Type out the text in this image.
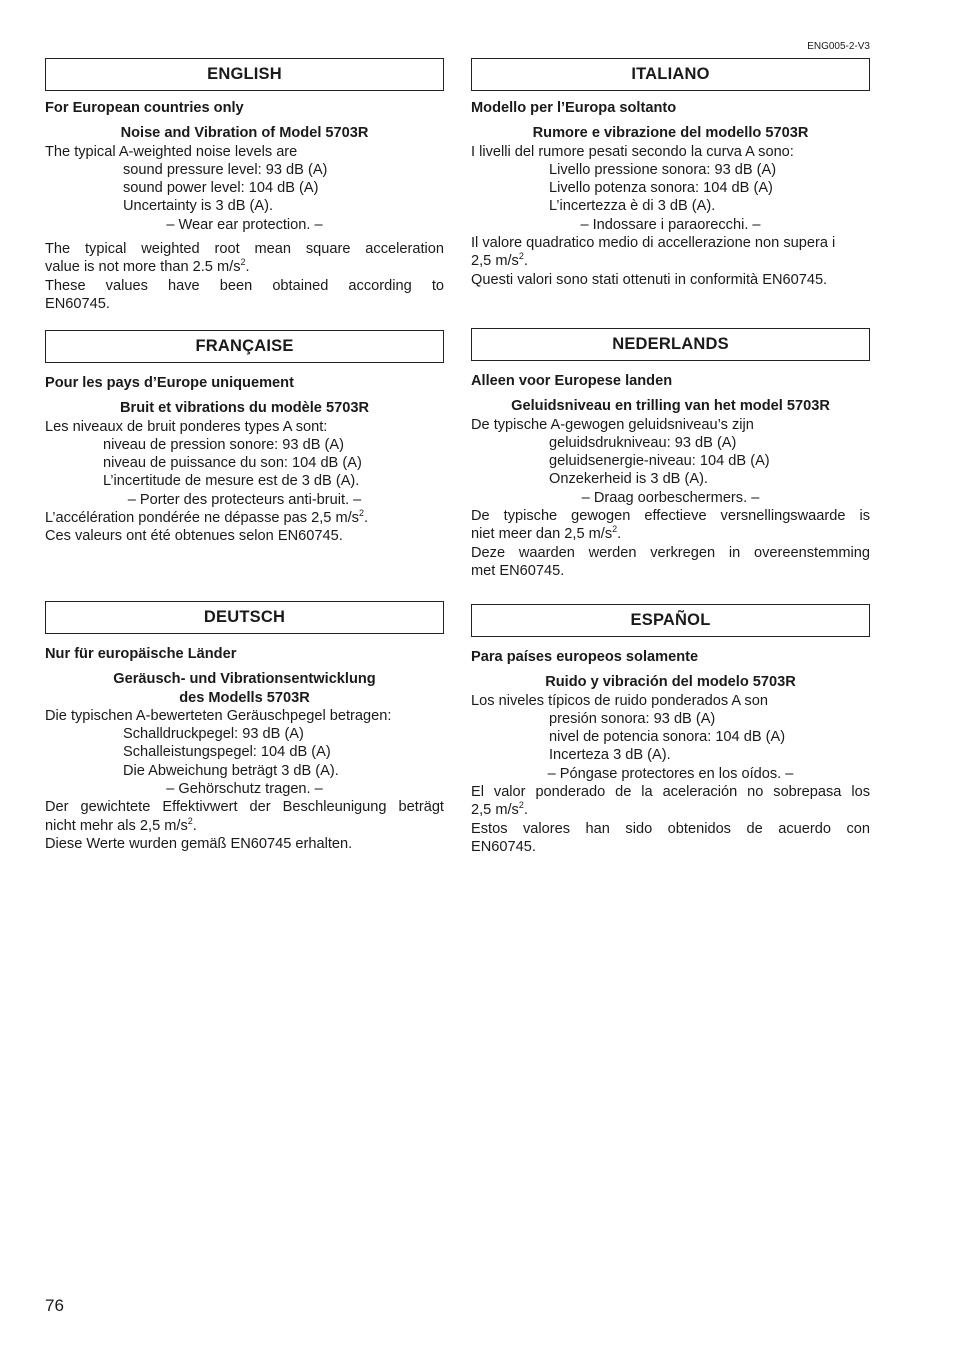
ENG005-2-V3
ENGLISH
For European countries only
Noise and Vibration of Model 5703R
The typical A-weighted noise levels are
sound pressure level: 93 dB (A)
sound power level: 104 dB (A)
Uncertainty is 3 dB (A).
– Wear ear protection. –
The typical weighted root mean square acceleration
value is not more than 2.5 $m/s^2$.
These values have been obtained according to
EN60745.
ITALIANO
Modello per l’Europa soltanto
Rumore e vibrazione del modello 5703R
I livelli del rumore pesati secondo la curva A sono:
Livello pressione sonora: 93 dB (A)
Livello potenza sonora: 104 dB (A)
L’incertezza è di 3 dB (A).
– Indossare i paraorecchi. –
Il valore quadratico medio di accellerazione non supera i
2,5 $m/s^2$.
Questi valori sono stati ottenuti in conformità EN60745.
FRANÇAISE
Pour les pays d’Europe uniquement
Bruit et vibrations du modèle 5703R
Les niveaux de bruit ponderes types A sont:
niveau de pression sonore: 93 dB (A)
niveau de puissance du son: 104 dB (A)
L’incertitude de mesure est de 3 dB (A).
– Porter des protecteurs anti-bruit. –
L’accélération pondérée ne dépasse pas 2,5 $m/s^2$.
Ces valeurs ont été obtenues selon EN60745.
NEDERLANDS
Alleen voor Europese landen
Geluidsniveau en trilling van het model 5703R
De typische A-gewogen geluidsniveau’s zijn
geluidsdrukniveau: 93 dB (A)
geluidsenergie-niveau: 104 dB (A)
Onzekerheid is 3 dB (A).
– Draag oorbeschermers. –
De typische gewogen effectieve versnellingswaarde is
niet meer dan 2,5 $m/s^2$.
Deze waarden werden verkregen in overeenstemming
met EN60745.
DEUTSCH
Nur für europäische Länder
Geräusch- und Vibrationsentwicklung
des Modells 5703R
Die typischen A-bewerteten Geräuschpegel betragen:
Schalldruckpegel: 93 dB (A)
Schalleistungspegel: 104 dB (A)
Die Abweichung beträgt 3 dB (A).
– Gehörschutz tragen. –
Der gewichtete Effektivwert der Beschleunigung beträgt
nicht mehr als 2,5 $m/s^2$.
Diese Werte wurden gemäß EN60745 erhalten.
ESPAÑOL
Para países europeos solamente
Ruido y vibración del modelo 5703R
Los niveles típicos de ruido ponderados A son
presión sonora: 93 dB (A)
nivel de potencia sonora: 104 dB (A)
Incerteza 3 dB (A).
– Póngase protectores en los oídos. –
El valor ponderado de la aceleración no sobrepasa los
2,5 $m/s^2$.
Estos valores han sido obtenidos de acuerdo con
EN60745.
76
